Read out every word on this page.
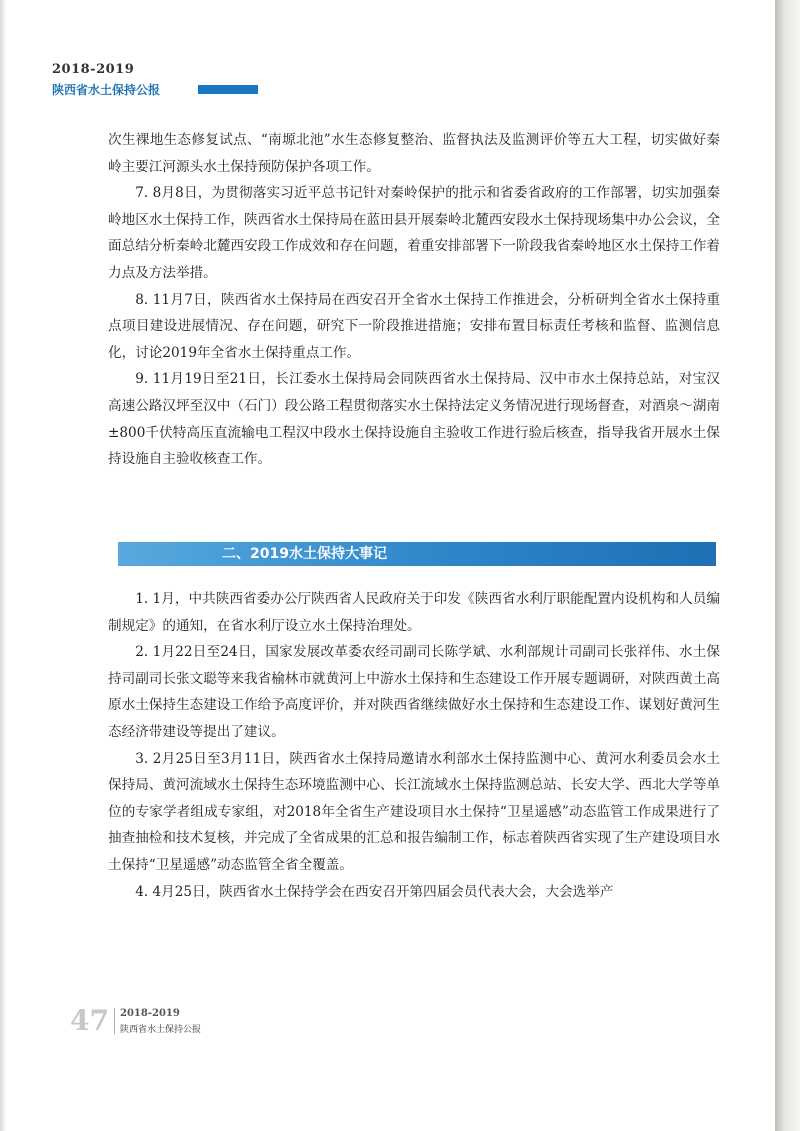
2018-2019
陕西省水土保持公报

次生裸地生态修复试点、“南塬北池”水生态修复整治、监督执法及监测评价等五大工程，切实做好秦岭主要江河源头水土保持预防保护各项工作。

7. 8月8日，为贯彻落实习近平总书记针对秦岭保护的批示和省委省政府的工作部署，切实加强秦岭地区水土保持工作，陕西省水土保持局在蓝田县开展秦岭北麓西安段水土保持现场集中办公会议，全面总结分析秦岭北麓西安段工作成效和存在问题，着重安排部署下一阶段我省秦岭地区水土保持工作着力点及方法举措。

8. 11月7日，陕西省水土保持局在西安召开全省水土保持工作推进会，分析研判全省水土保持重点项目建设进展情况、存在问题，研究下一阶段推进措施；安排布置目标责任考核和监督、监测信息化，讨论2019年全省水土保持重点工作。

9. 11月19日至21日，长江委水土保持局会同陕西省水土保持局、汉中市水土保持总站，对宝汉高速公路汉坪至汉中（石门）段公路工程贯彻落实水土保持法定义务情况进行现场督查，对酒泉～湖南±800千伏特高压直流输电工程汉中段水土保持设施自主验收工作进行验后核查，指导我省开展水土保持设施自主验收核查工作。

二、2019水土保持大事记

1. 1月，中共陕西省委办公厅陕西省人民政府关于印发《陕西省水利厅职能配置内设机构和人员编制规定》的通知，在省水利厅设立水土保持治理处。

2. 1月22日至24日，国家发展改革委农经司副司长陈学斌、水利部规计司副司长张祥伟、水土保持司副司长张文聪等来我省榆林市就黄河上中游水土保持和生态建设工作开展专题调研，对陕西黄土高原水土保持生态建设工作给予高度评价，并对陕西省继续做好水土保持和生态建设工作、谋划好黄河生态经济带建设等提出了建议。

3. 2月25日至3月11日，陕西省水土保持局邀请水利部水土保持监测中心、黄河水利委员会水土保持局、黄河流域水土保持生态环境监测中心、长江流域水土保持监测总站、长安大学、西北大学等单位的专家学者组成专家组，对2018年全省生产建设项目水土保持“卫星遥感”动态监管工作成果进行了抽查抽检和技术复核，并完成了全省成果的汇总和报告编制工作，标志着陕西省实现了生产建设项目水土保持“卫星遥感”动态监管全省全覆盖。

4. 4月25日，陕西省水土保持学会在西安召开第四届会员代表大会，大会选举产

47 2018-2019
陕西省水土保持公报
